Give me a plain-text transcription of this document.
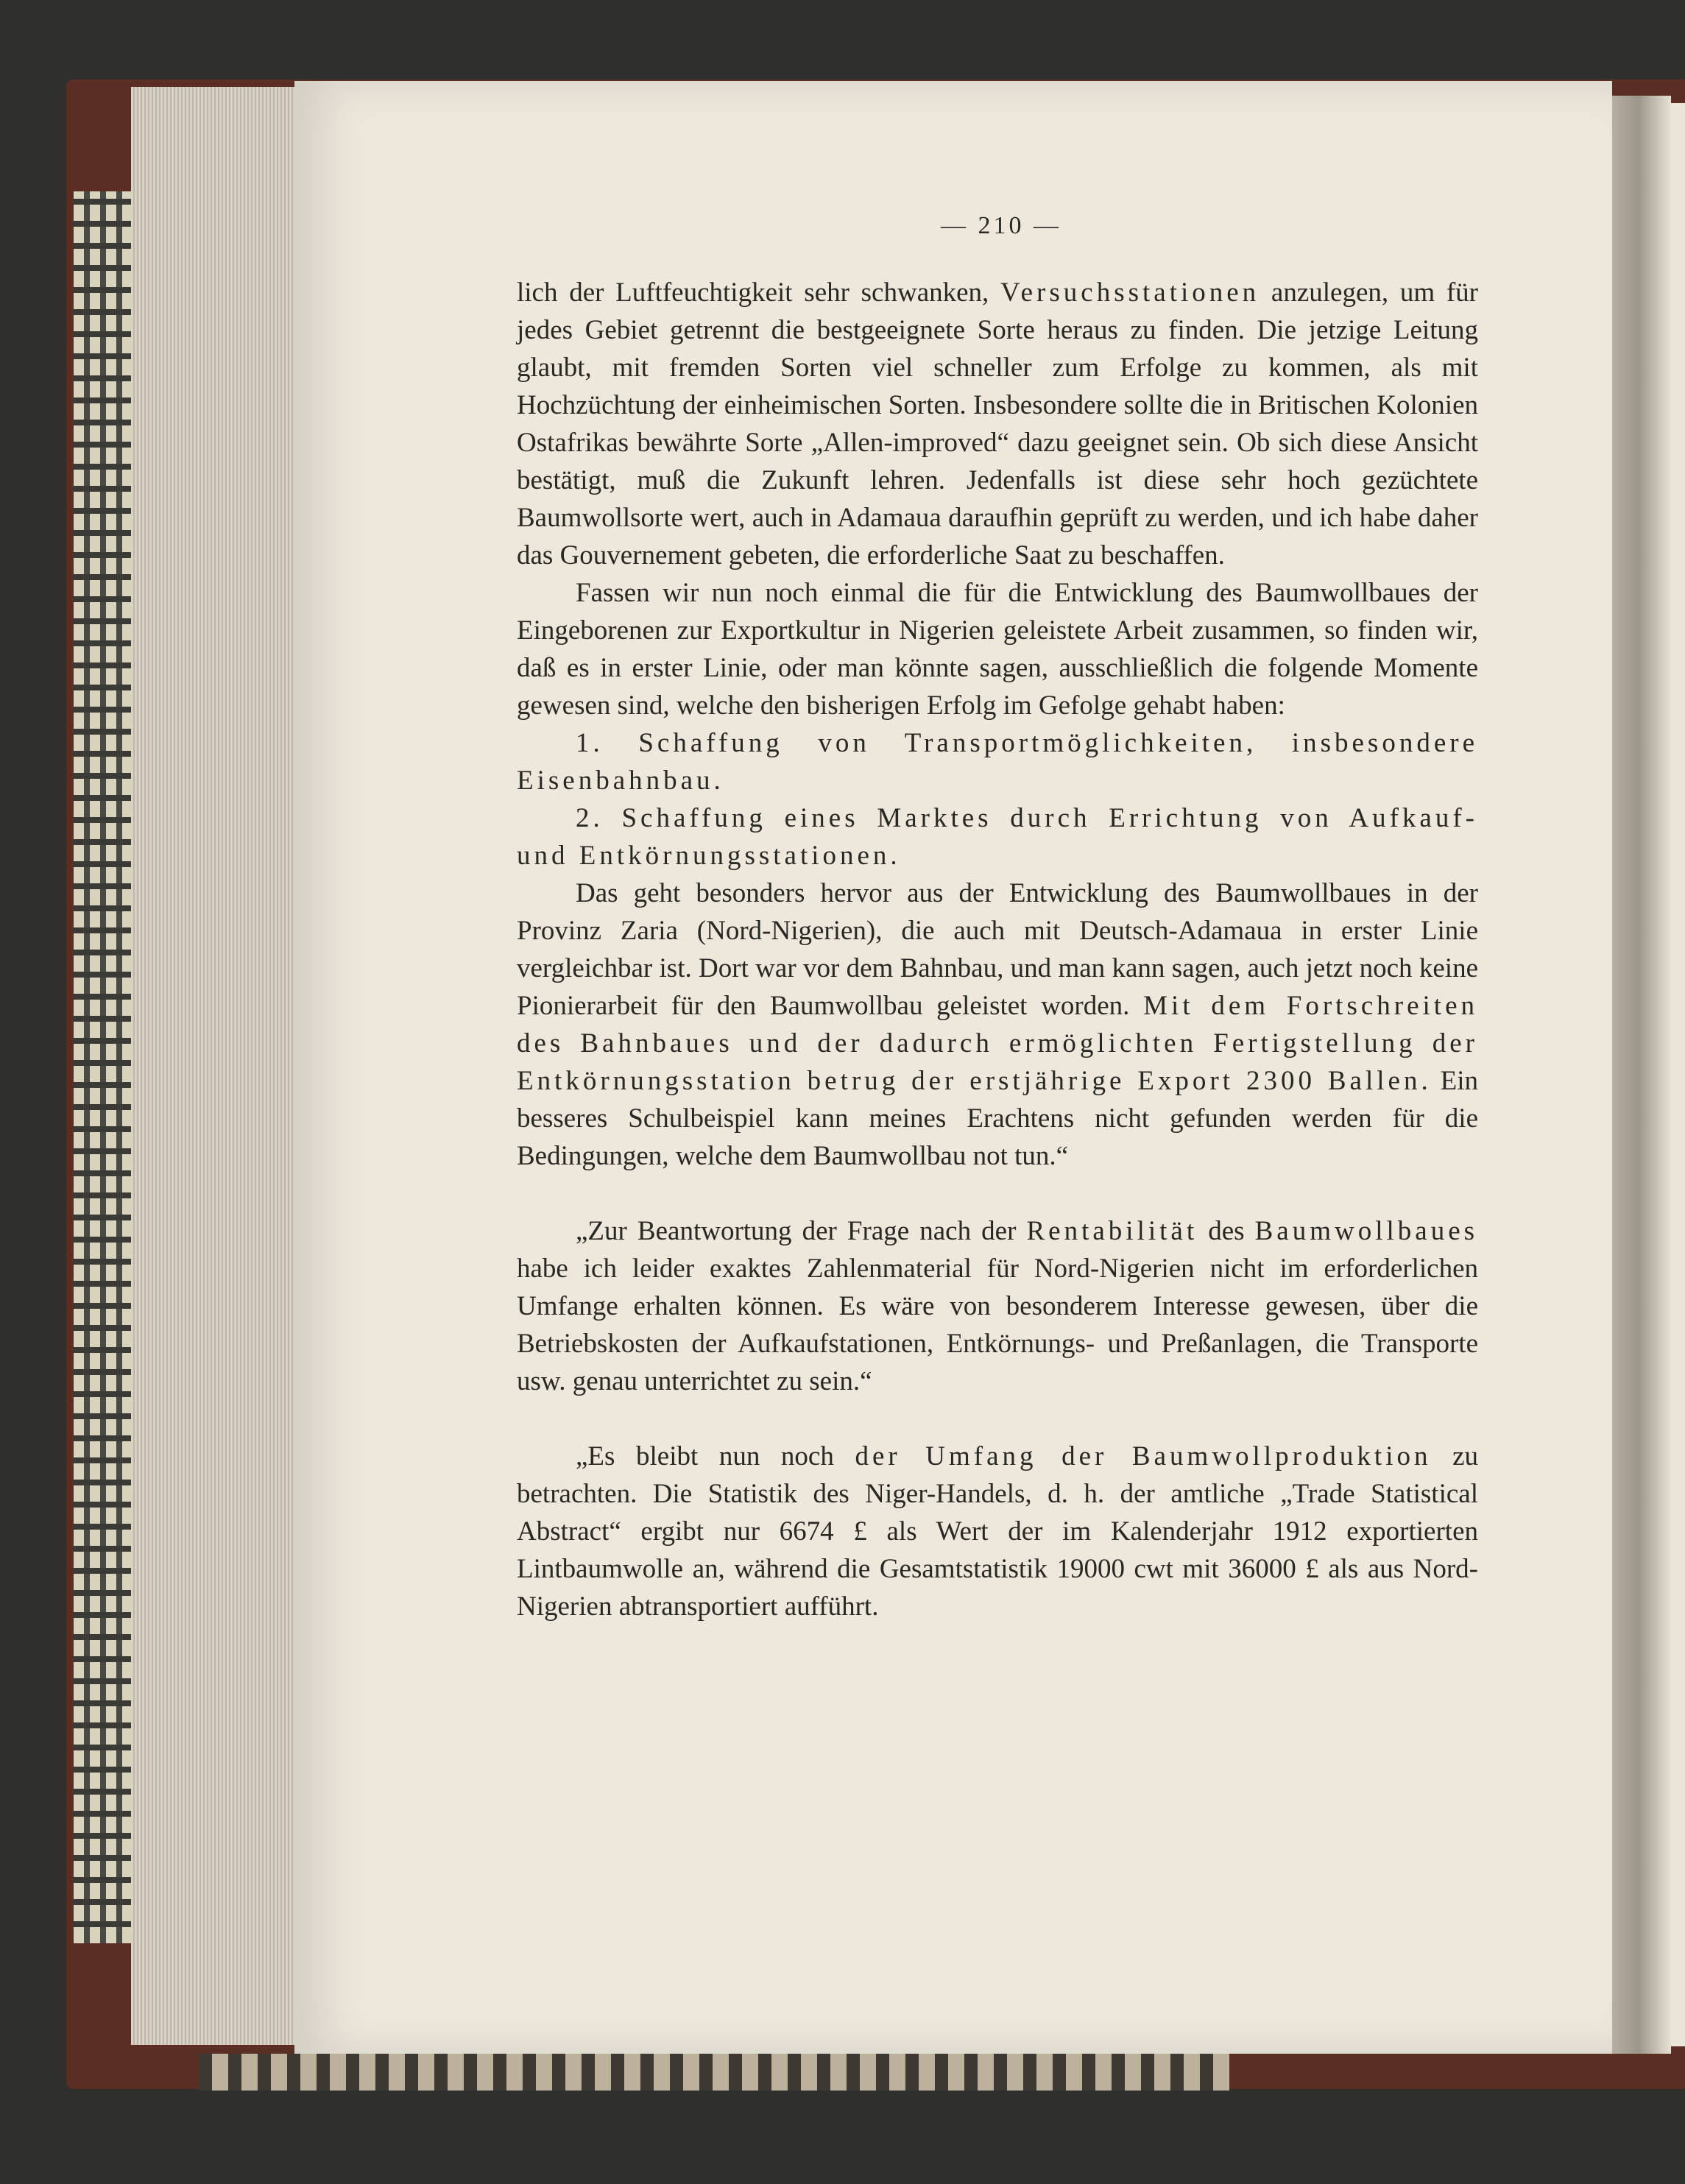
— 210 —

lich der Luftfeuchtigkeit sehr schwanken, Versuchsstationen anzulegen, um für jedes Gebiet getrennt die bestgeeignete Sorte heraus zu finden. Die jetzige Leitung glaubt, mit fremden Sorten viel schneller zum Erfolge zu kommen, als mit Hochzüchtung der einheimischen Sorten. Insbesondere sollte die in Britischen Kolonien Ostafrikas bewährte Sorte „Allen-improved“ dazu geeignet sein. Ob sich diese Ansicht bestätigt, muß die Zukunft lehren. Jedenfalls ist diese sehr hoch gezüchtete Baumwollsorte wert, auch in Adamaua daraufhin geprüft zu werden, und ich habe daher das Gouvernement gebeten, die erforderliche Saat zu beschaffen.

Fassen wir nun noch einmal die für die Entwicklung des Baumwollbaues der Eingeborenen zur Exportkultur in Nigerien geleistete Arbeit zusammen, so finden wir, daß es in erster Linie, oder man könnte sagen, ausschließlich die folgende Momente gewesen sind, welche den bisherigen Erfolg im Gefolge gehabt haben:

1. Schaffung von Transportmöglichkeiten, insbesondere Eisenbahnbau.

2. Schaffung eines Marktes durch Errichtung von Aufkauf- und Entkörnungsstationen.

Das geht besonders hervor aus der Entwicklung des Baumwollbaues in der Provinz Zaria (Nord-Nigerien), die auch mit Deutsch-Adamaua in erster Linie vergleichbar ist. Dort war vor dem Bahnbau, und man kann sagen, auch jetzt noch keine Pionierarbeit für den Baumwollbau geleistet worden. Mit dem Fortschreiten des Bahnbaues und der dadurch ermöglichten Fertigstellung der Entkörnungsstation betrug der erstjährige Export 2300 Ballen. Ein besseres Schulbeispiel kann meines Erachtens nicht gefunden werden für die Bedingungen, welche dem Baumwollbau not tun.“

„Zur Beantwortung der Frage nach der Rentabilität des Baumwollbaues habe ich leider exaktes Zahlenmaterial für Nord-Nigerien nicht im erforderlichen Umfange erhalten können. Es wäre von besonderem Interesse gewesen, über die Betriebskosten der Aufkaufstationen, Entkörnungs- und Preßanlagen, die Transporte usw. genau unterrichtet zu sein.“

„Es bleibt nun noch der Umfang der Baumwollproduktion zu betrachten. Die Statistik des Niger-Handels, d. h. der amtliche „Trade Statistical Abstract“ ergibt nur 6674 £ als Wert der im Kalenderjahr 1912 exportierten Lintbaumwolle an, während die Gesamtstatistik 19000 cwt mit 36000 £ als aus Nord-Nigerien abtransportiert aufführt.
